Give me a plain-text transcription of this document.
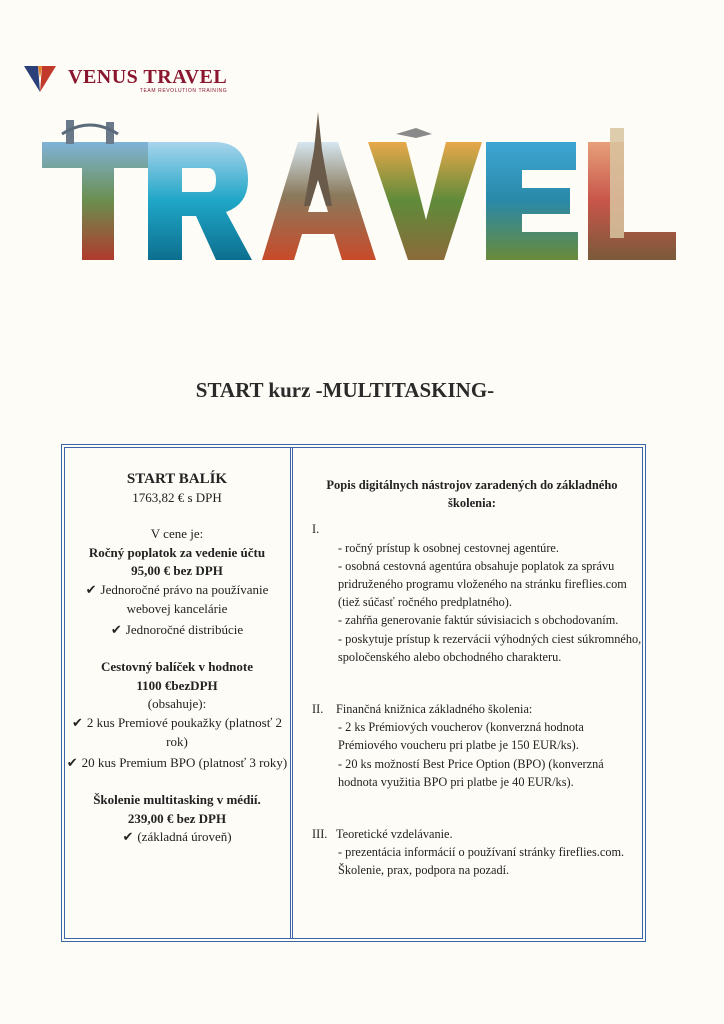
VENUS TRAVEL
TEAM REVOLUTION TRAINING
START kurz -MULTITASKING-
START BALÍK
1763,82 € s DPH
V cene je:
Ročný poplatok za vedenie účtu
95,00 € bez DPH
✔ Jednoročné právo na používanie webovej kancelárie
✔ Jednoročné distribúcie
Cestovný balíček v hodnote
1100 €bezDPH
(obsahuje):
✔ 2 kus Premiové poukažky (platnosť 2 rok)
✔ 20 kus Premium BPO (platnosť 3 roky)
Školenie multitasking v médií.
239,00 € bez DPH
✔ (základná úroveň)
Popis digitálnych nástrojov zaradených do základného školenia:
I.
- ročný prístup k osobnej cestovnej agentúre.
- osobná cestovná agentúra obsahuje poplatok za správu pridruženého programu vloženého na stránku fireflies.com (tiež súčasť ročného predplatného).
- zahŕňa generovanie faktúr súvisiacich s obchodovaním.
- poskytuje prístup k rezervácii výhodných ciest súkromného, spoločenského alebo obchodného charakteru.
II. Finančná knižnica základného školenia:
- 2 ks Prémiových voucherov (konverzná hodnota Prémiového voucheru pri platbe je 150 EUR/ks).
- 20 ks možností Best Price Option (BPO) (konverzná hodnota využitia BPO pri platbe je 40 EUR/ks).
III. Teoretické vzdelávanie.
- prezentácia informácií o používaní stránky fireflies.com. Školenie, prax, podpora na pozadí.
